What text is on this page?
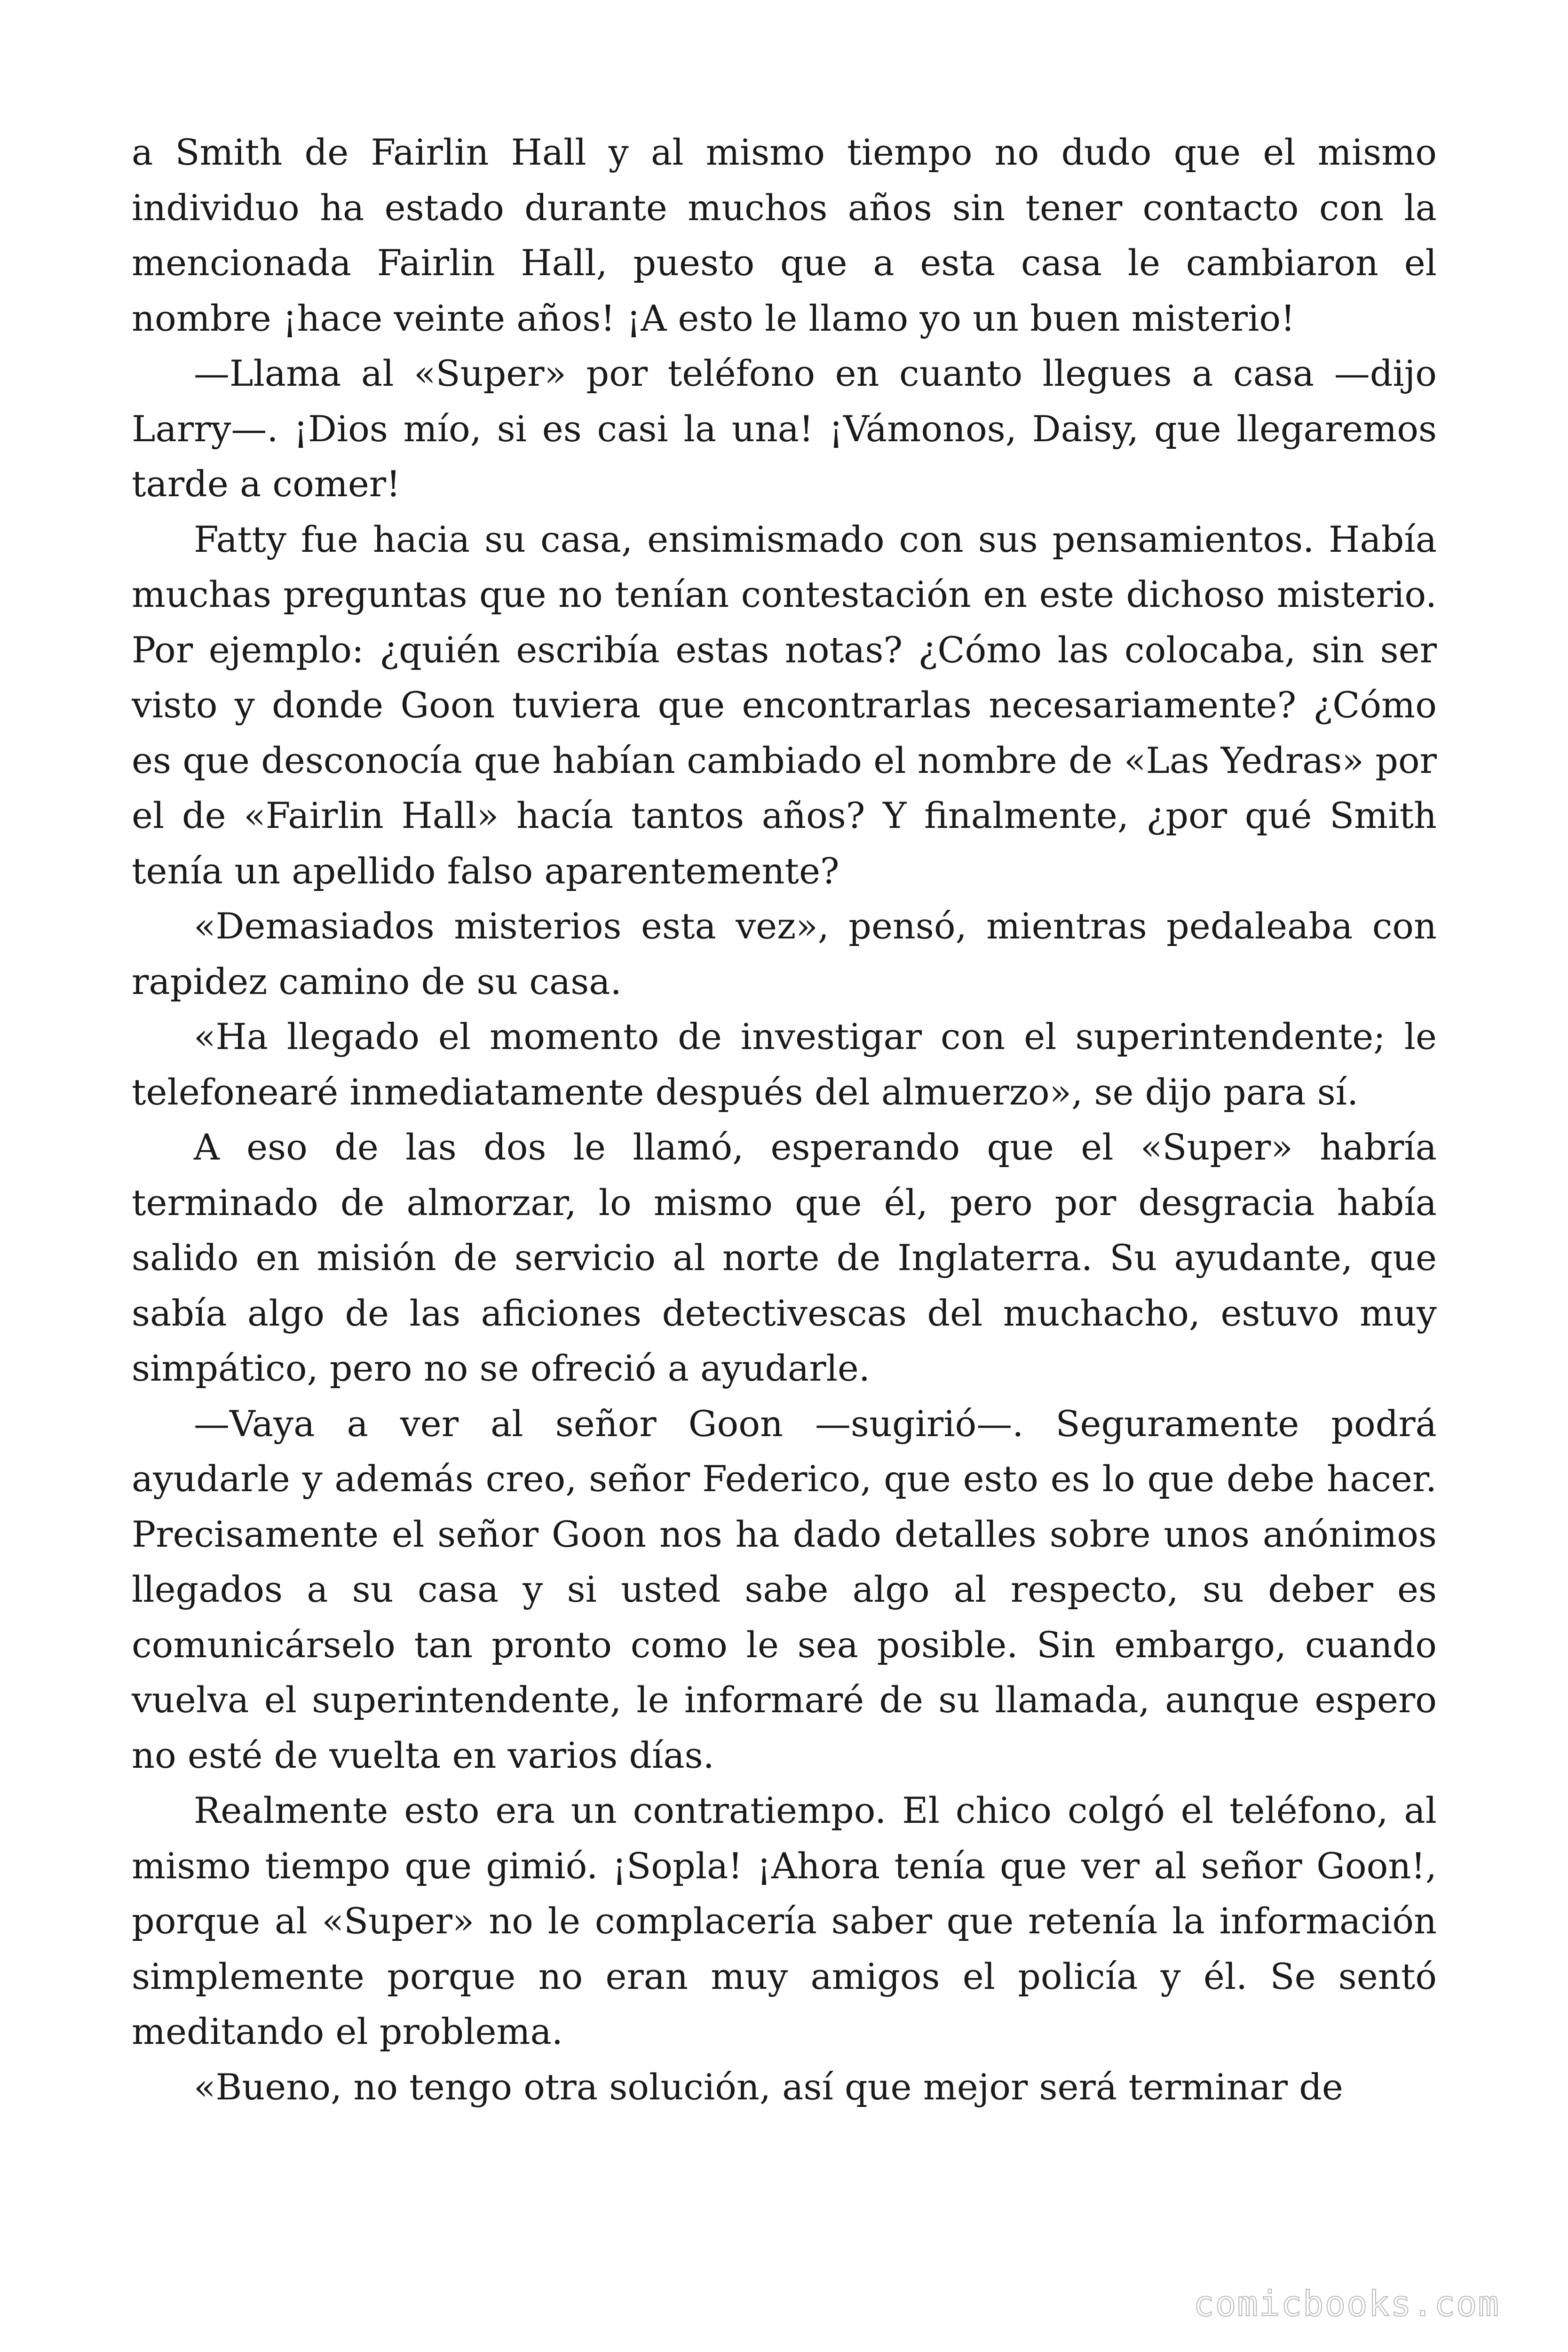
a Smith de Fairlin Hall y al mismo tiempo no dudo que el mismo individuo ha estado durante muchos años sin tener contacto con la mencionada Fairlin Hall, puesto que a esta casa le cambiaron el nombre ¡hace veinte años! ¡A esto le llamo yo un buen misterio!

—Llama al «Super» por teléfono en cuanto llegues a casa —dijo Larry—. ¡Dios mío, si es casi la una! ¡Vámonos, Daisy, que llegaremos tarde a comer!

Fatty fue hacia su casa, ensimismado con sus pensamientos. Había muchas preguntas que no tenían contestación en este dichoso misterio. Por ejemplo: ¿quién escribía estas notas? ¿Cómo las colocaba, sin ser visto y donde Goon tuviera que encontrarlas necesariamente? ¿Cómo es que desconocía que habían cambiado el nombre de «Las Yedras» por el de «Fairlin Hall» hacía tantos años? Y finalmente, ¿por qué Smith tenía un apellido falso aparentemente?

«Demasiados misterios esta vez», pensó, mientras pedaleaba con rapidez camino de su casa.

«Ha llegado el momento de investigar con el superintendente; le telefonearé inmediatamente después del almuerzo», se dijo para sí.

A eso de las dos le llamó, esperando que el «Super» habría terminado de almorzar, lo mismo que él, pero por desgracia había salido en misión de servicio al norte de Inglaterra. Su ayudante, que sabía algo de las aficiones detectivescas del muchacho, estuvo muy simpático, pero no se ofreció a ayudarle.

—Vaya a ver al señor Goon —sugirió—. Seguramente podrá ayudarle y además creo, señor Federico, que esto es lo que debe hacer. Precisamente el señor Goon nos ha dado detalles sobre unos anónimos llegados a su casa y si usted sabe algo al respecto, su deber es comunicárselo tan pronto como le sea posible. Sin embargo, cuando vuelva el superintendente, le informaré de su llamada, aunque espero no esté de vuelta en varios días.

Realmente esto era un contratiempo. El chico colgó el teléfono, al mismo tiempo que gimió. ¡Sopla! ¡Ahora tenía que ver al señor Goon!, porque al «Super» no le complacería saber que retenía la información simplemente porque no eran muy amigos el policía y él. Se sentó meditando el problema.

«Bueno, no tengo otra solución, así que mejor será terminar de

comicbooks.com
